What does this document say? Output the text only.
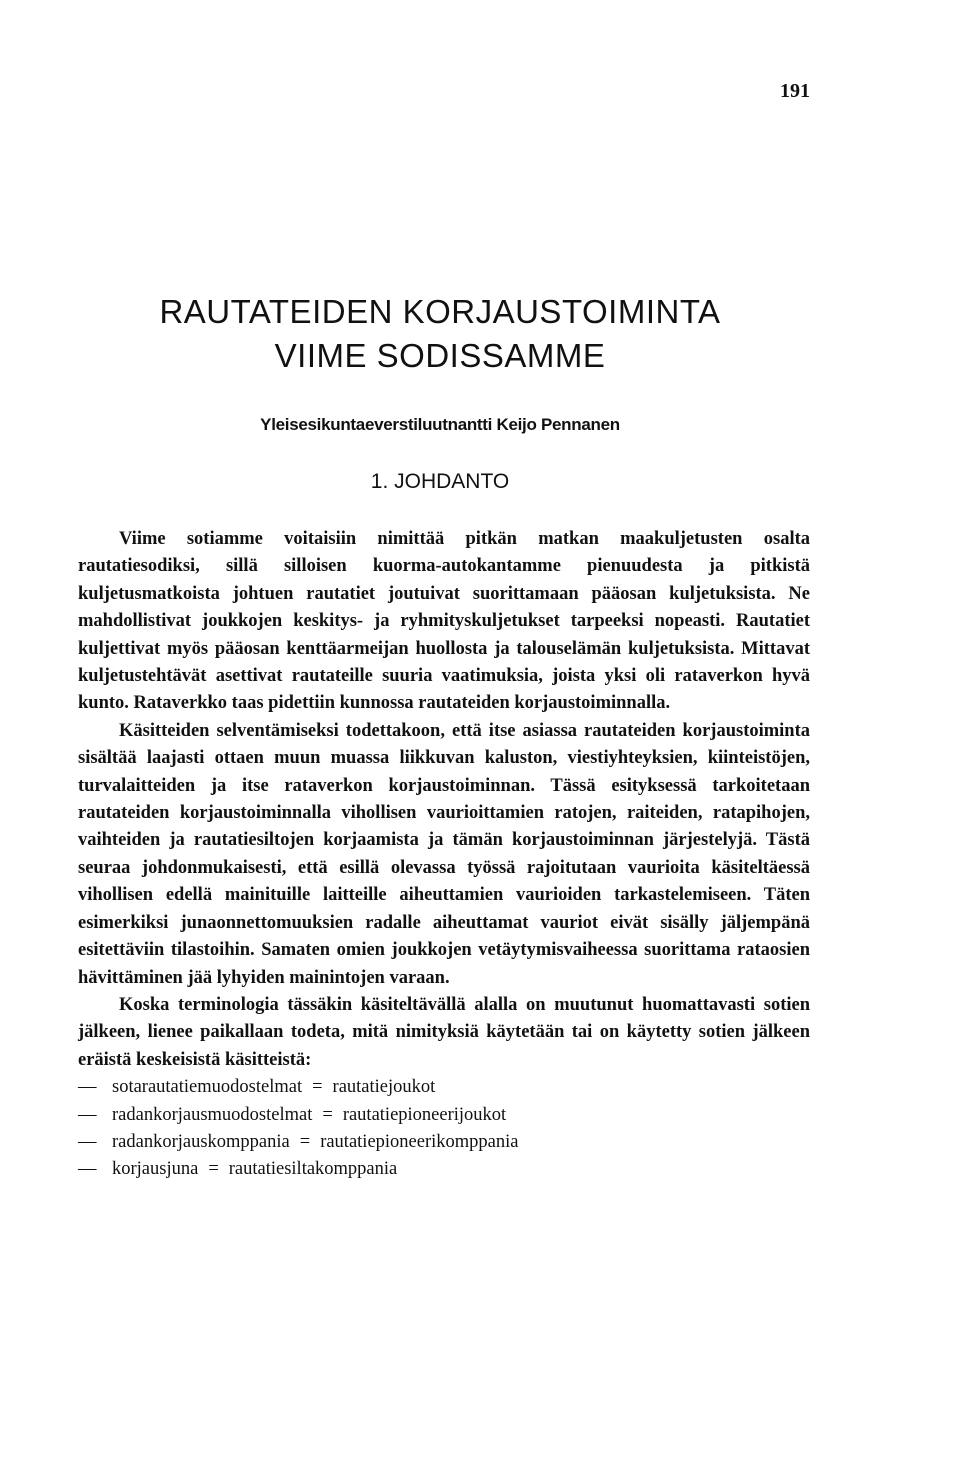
191
RAUTATEIDEN KORJAUSTOIMINTA
VIIME SODISSAMME
Yleisesikuntaeverstiluutnantti Keijo Pennanen
1. JOHDANTO

Viime sotiamme voitaisiin nimittää pitkän matkan maakuljetusten osalta rautatiesodiksi, sillä silloisen kuorma-autokantamme pienuudesta ja pitkistä kuljetusmatkoista johtuen rautatiet joutuivat suorittamaan pääosan kuljetuksista. Ne mahdollistivat joukkojen keskitys- ja ryhmityskuljetukset tarpeeksi nopeasti. Rautatiet kuljettivat myös pääosan kenttäarmeijan huollosta ja talouselämän kuljetuksista. Mittavat kuljetustehtävät asettivat rautateille suuria vaatimuksia, joista yksi oli rataverkon hyvä kunto. Rataverkko taas pidettiin kunnossa rautateiden korjaustoiminnalla.

Käsitteiden selventämiseksi todettakoon, että itse asiassa rautateiden korjaustoiminta sisältää laajasti ottaen muun muassa liikkuvan kaluston, viestiyhteyksien, kiinteistöjen, turvalaitteiden ja itse rataverkon korjaustoiminnan. Tässä esityksessä tarkoitetaan rautateiden korjaustoiminnalla vihollisen vaurioittamien ratojen, raiteiden, ratapihojen, vaihteiden ja rautatiesiltojen korjaamista ja tämän korjaustoiminnan järjestelyjä. Tästä seuraa johdonmukaisesti, että esillä olevassa työssä rajoitutaan vaurioita käsiteltäessä vihollisen edellä mainituille laitteille aiheuttamien vaurioiden tarkastelemiseen. Täten esimerkiksi junaonnettomuuksien radalle aiheuttamat vauriot eivät sisälly jäljempänä esitettäviin tilastoihin. Samaten omien joukkojen vetäytymisvaiheessa suorittama rataosien hävittäminen jää lyhyiden mainintojen varaan.

Koska terminologia tässäkin käsiteltävällä alalla on muutunut huomattavasti sotien jälkeen, lienee paikallaan todeta, mitä nimityksiä käytetään tai on käytetty sotien jälkeen eräistä keskeisistä käsitteistä:

— sotarautatiemuodostelmat = rautatiejoukot
— radankorjausmuodostelmat = rautatiepioneerijoukot
— radankorjauskomppania = rautatiepioneerikomppania
— korjausjuna = rautatiesiltakomppania
